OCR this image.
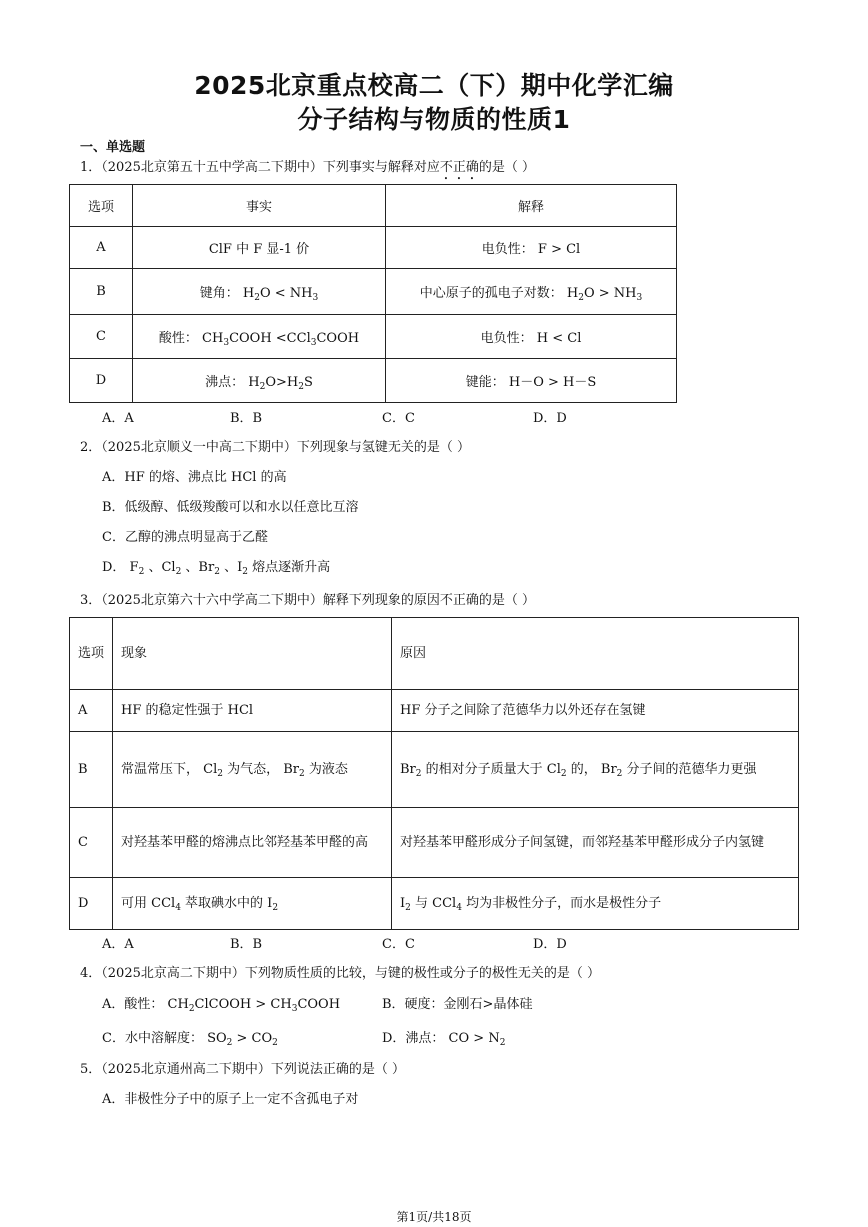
2025北京重点校高二（下）期中化学汇编
分子结构与物质的性质1
一、单选题
1．（2025北京第五十五中学高二下期中）下列事实与解释对应不正确的是（ ）
选项	事实	解释
A	ClF 中 F 显-1 价	电负性： F > Cl
B	键角： $H_2O < NH_3$	中心原子的孤电子对数： $H_2O > NH_3$
C	酸性： $CH_3COOH$ <CCl$_3$COOH	电负性： H < Cl
D	沸点： $H_2O>H_2S$	键能： H－O > H－S
A．A	B．B	C．C	D．D
2．（2025北京顺义一中高二下期中）下列现象与氢键无关的是（ ）
A．HF 的熔、沸点比 HCl 的高
B．低级醇、低级羧酸可以和水以任意比互溶
C．乙醇的沸点明显高于乙醛
D． $F_2$ 、$Cl_2$ 、$Br_2$ 、$I_2$ 熔点逐渐升高
3．（2025北京第六十六中学高二下期中）解释下列现象的原因不正确的是（ ）
选项	现象	原因
A	HF 的稳定性强于 HCl	HF 分子之间除了范德华力以外还存在氢键
B	常温常压下， $Cl_2$ 为气态， $Br_2$ 为液态	$Br_2$ 的相对分子质量大于 $Cl_2$ 的， $Br_2$ 分子间的范德华力更强
C	对羟基苯甲醛的熔沸点比邻羟基苯甲醛的高	对羟基苯甲醛形成分子间氢键，而邻羟基苯甲醛形成分子内氢键
D	可用 CCl$_4$ 萃取碘水中的 $I_2$	$I_2$ 与 CCl$_4$ 均为非极性分子，而水是极性分子
A．A	B．B	C．C	D．D
4．（2025北京高二下期中）下列物质性质的比较，与键的极性或分子的极性无关的是（ ）
A．酸性： $CH_2ClCOOH$ > $CH_3COOH$	B．硬度：金刚石>晶体硅
C．水中溶解度： $SO_2 > CO_2$	D．沸点： CO > $N_2$
5．（2025北京通州高二下期中）下列说法正确的是（ ）
A．非极性分子中的原子上一定不含孤电子对
第1页/共18页
